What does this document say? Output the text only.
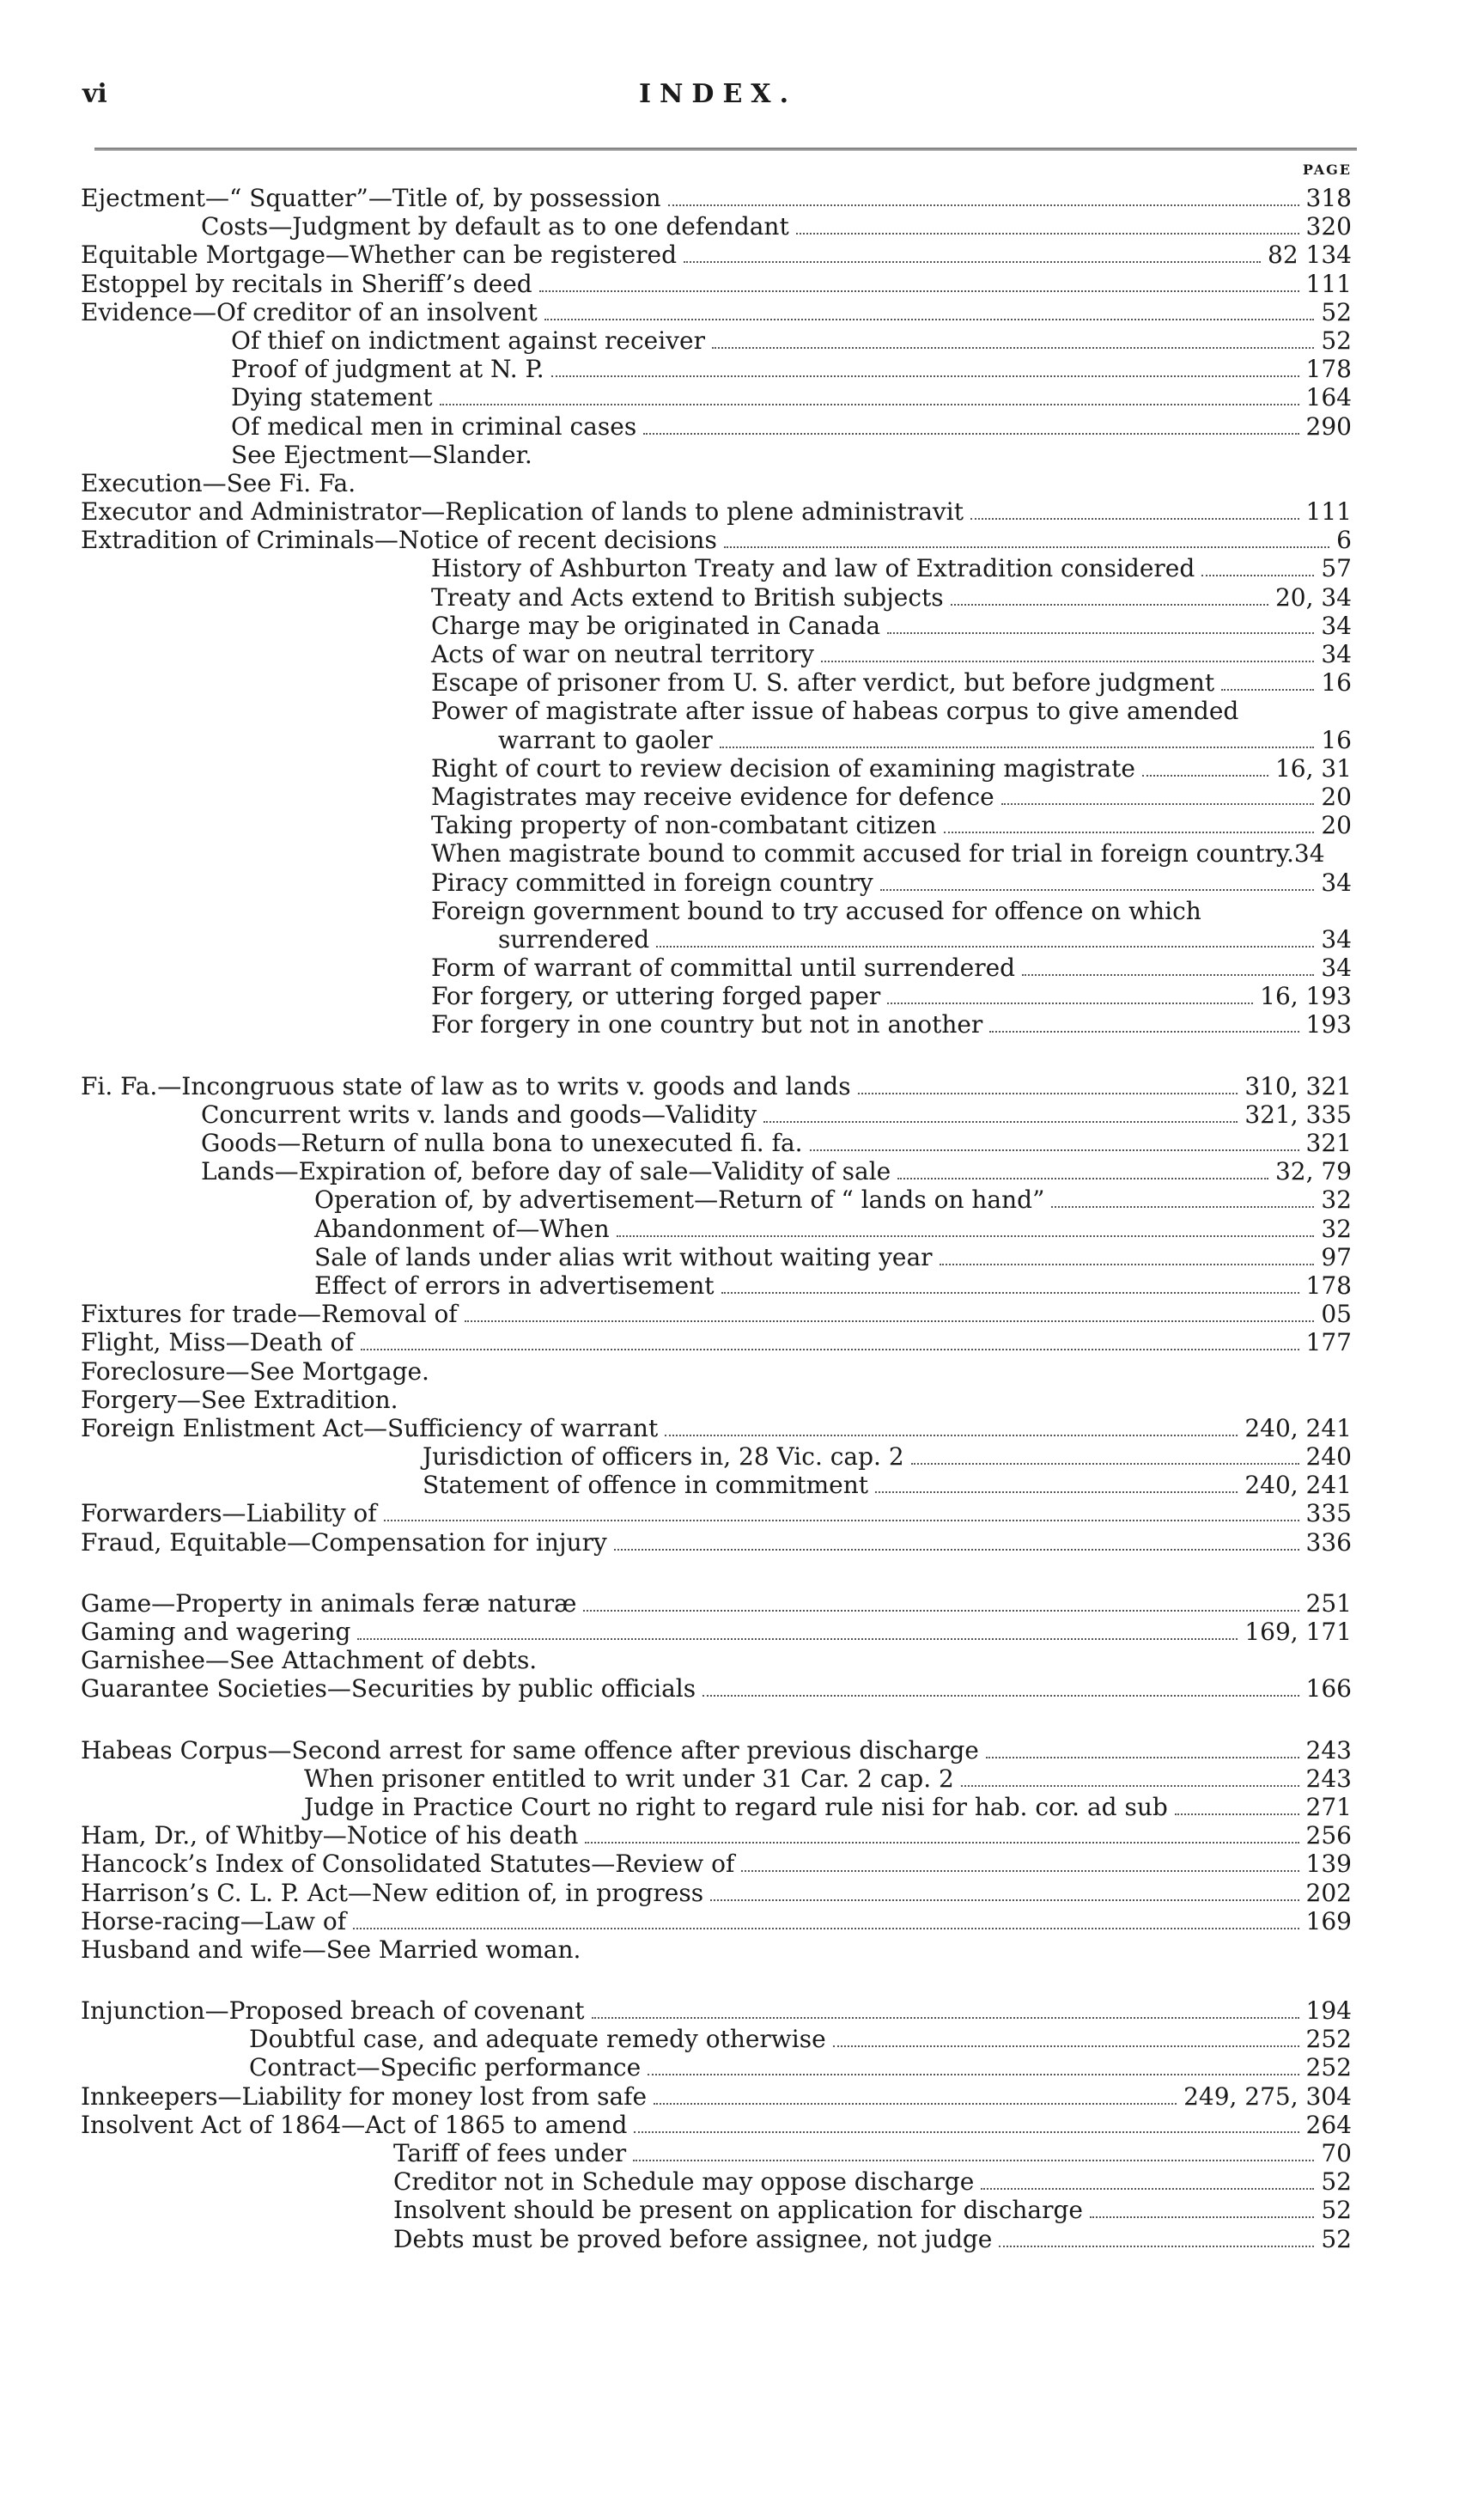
vi	INDEX.
PAGE
Ejectment—“ Squatter”—Title of, by possession	318
Costs—Judgment by default as to one defendant	320
Equitable Mortgage—Whether can be registered	82 134
Estoppel by recitals in Sheriff’s deed	111
Evidence—Of creditor of an insolvent	52
Of thief on indictment against receiver	52
Proof of judgment at N. P.	178
Dying statement	164
Of medical men in criminal cases	290
See Ejectment—Slander.
Execution—See Fi. Fa.
Executor and Administrator—Replication of lands to plene administravit	111
Extradition of Criminals—Notice of recent decisions	6
History of Ashburton Treaty and law of Extradition considered	57
Treaty and Acts extend to British subjects	20, 34
Charge may be originated in Canada	34
Acts of war on neutral territory	34
Escape of prisoner from U. S. after verdict, but before judgment	16
Power of magistrate after issue of habeas corpus to give amended
warrant to gaoler	16
Right of court to review decision of examining magistrate	16, 31
Magistrates may receive evidence for defence	20
Taking property of non-combatant citizen	20
When magistrate bound to commit accused for trial in foreign country. 34
Piracy committed in foreign country	34
Foreign government bound to try accused for offence on which
surrendered	34
Form of warrant of committal until surrendered	34
For forgery, or uttering forged paper	16, 193
For forgery in one country but not in another	193
Fi. Fa.—Incongruous state of law as to writs v. goods and lands	310, 321
Concurrent writs v. lands and goods—Validity	321, 335
Goods—Return of nulla bona to unexecuted fi. fa.	321
Lands—Expiration of, before day of sale—Validity of sale	32, 79
Operation of, by advertisement—Return of “ lands on hand”	32
Abandonment of—When	32
Sale of lands under alias writ without waiting year	97
Effect of errors in advertisement	178
Fixtures for trade—Removal of	05
Flight, Miss—Death of	177
Foreclosure—See Mortgage.
Forgery—See Extradition.
Foreign Enlistment Act—Sufficiency of warrant	240, 241
Jurisdiction of officers in, 28 Vic. cap. 2	240
Statement of offence in commitment	240, 241
Forwarders—Liability of	335
Fraud, Equitable—Compensation for injury	336
Game—Property in animals feræ naturæ	251
Gaming and wagering	169, 171
Garnishee—See Attachment of debts.
Guarantee Societies—Securities by public officials	166
Habeas Corpus—Second arrest for same offence after previous discharge	243
When prisoner entitled to writ under 31 Car. 2 cap. 2	243
Judge in Practice Court no right to regard rule nisi for hab. cor. ad sub	271
Ham, Dr., of Whitby—Notice of his death	256
Hancock’s Index of Consolidated Statutes—Review of	139
Harrison’s C. L. P. Act—New edition of, in progress	202
Horse-racing—Law of	169
Husband and wife—See Married woman.
Injunction—Proposed breach of covenant	194
Doubtful case, and adequate remedy otherwise	252
Contract—Specific performance	252
Innkeepers—Liability for money lost from safe	249, 275, 304
Insolvent Act of 1864—Act of 1865 to amend	264
Tariff of fees under	70
Creditor not in Schedule may oppose discharge	52
Insolvent should be present on application for discharge	52
Debts must be proved before assignee, not judge	52
